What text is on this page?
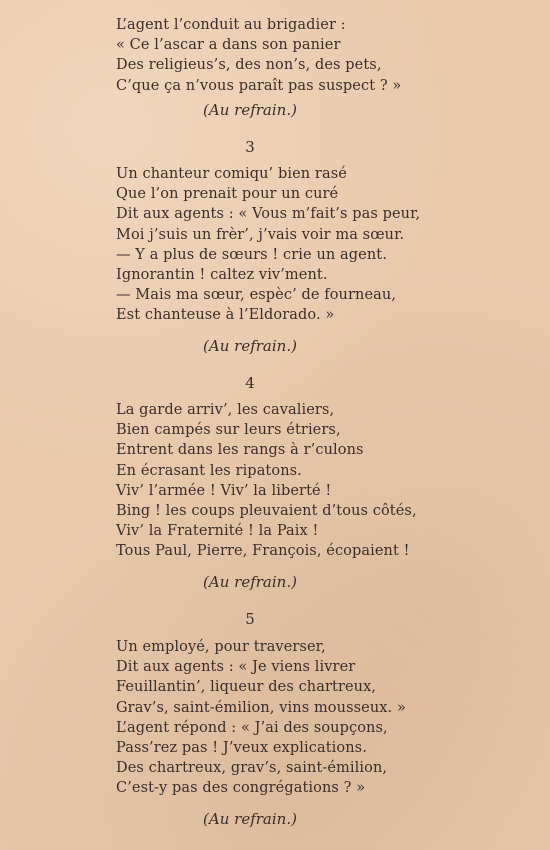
L’agent l’conduit au brigadier :
« Ce l’ascar a dans son panier
Des religieus’s, des non’s, des pets,
C’que ça n’vous paraît pas suspect ? »
(Au refrain.)
3
Un chanteur comiqu’ bien rasé
Que l’on prenait pour un curé
Dit aux agents : « Vous m’fait’s pas peur,
Moi j’suis un frèr’, j’vais voir ma sœur.
— Y a plus de sœurs ! crie un agent.
Ignorantin ! caltez viv’ment.
— Mais ma sœur, espèc’ de fourneau,
Est chanteuse à l’Eldorado. »
(Au refrain.)
4
La garde arriv’, les cavaliers,
Bien campés sur leurs étriers,
Entrent dans les rangs à r’culons
En écrasant les ripatons.
Viv’ l’armée ! Viv’ la liberté !
Bing ! les coups pleuvaient d’tous côtés,
Viv’ la Fraternité ! la Paix !
Tous Paul, Pierre, François, écopaient !
(Au refrain.)
5
Un employé, pour traverser,
Dit aux agents : « Je viens livrer
Feuillantin’, liqueur des chartreux,
Grav’s, saint-émilion, vins mousseux. »
L’agent répond : « J’ai des soupçons,
Pass’rez pas ! J’veux explications.
Des chartreux, grav’s, saint-émilion,
C’est-y pas des congrégations ? »
(Au refrain.)
